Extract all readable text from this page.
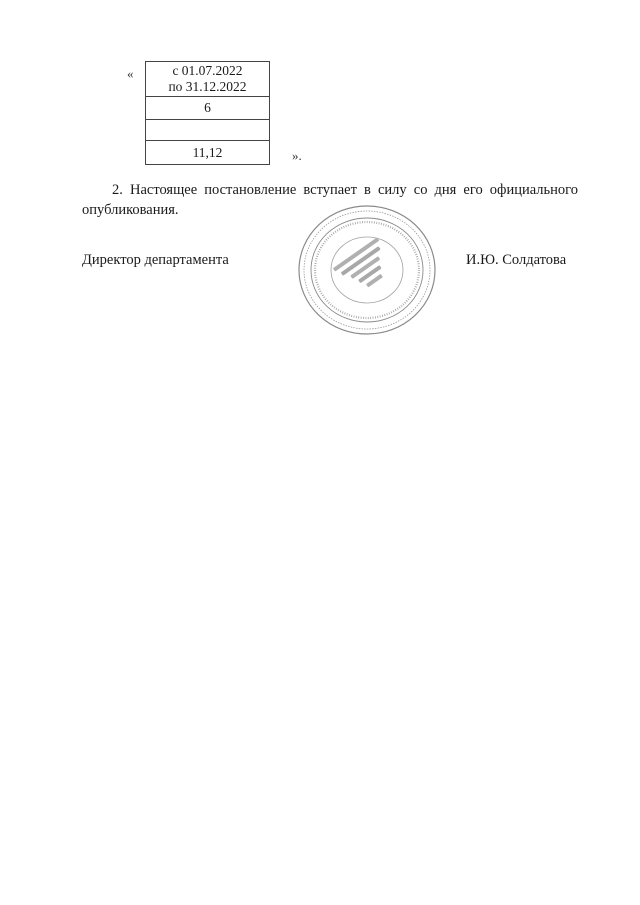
«	с 01.07.2022
по 31.12.2022

6

11,12	».

2. Настоящее постановление вступает в силу со дня его официального опубликования.

Директор департамента	И.Ю. Солдатова
